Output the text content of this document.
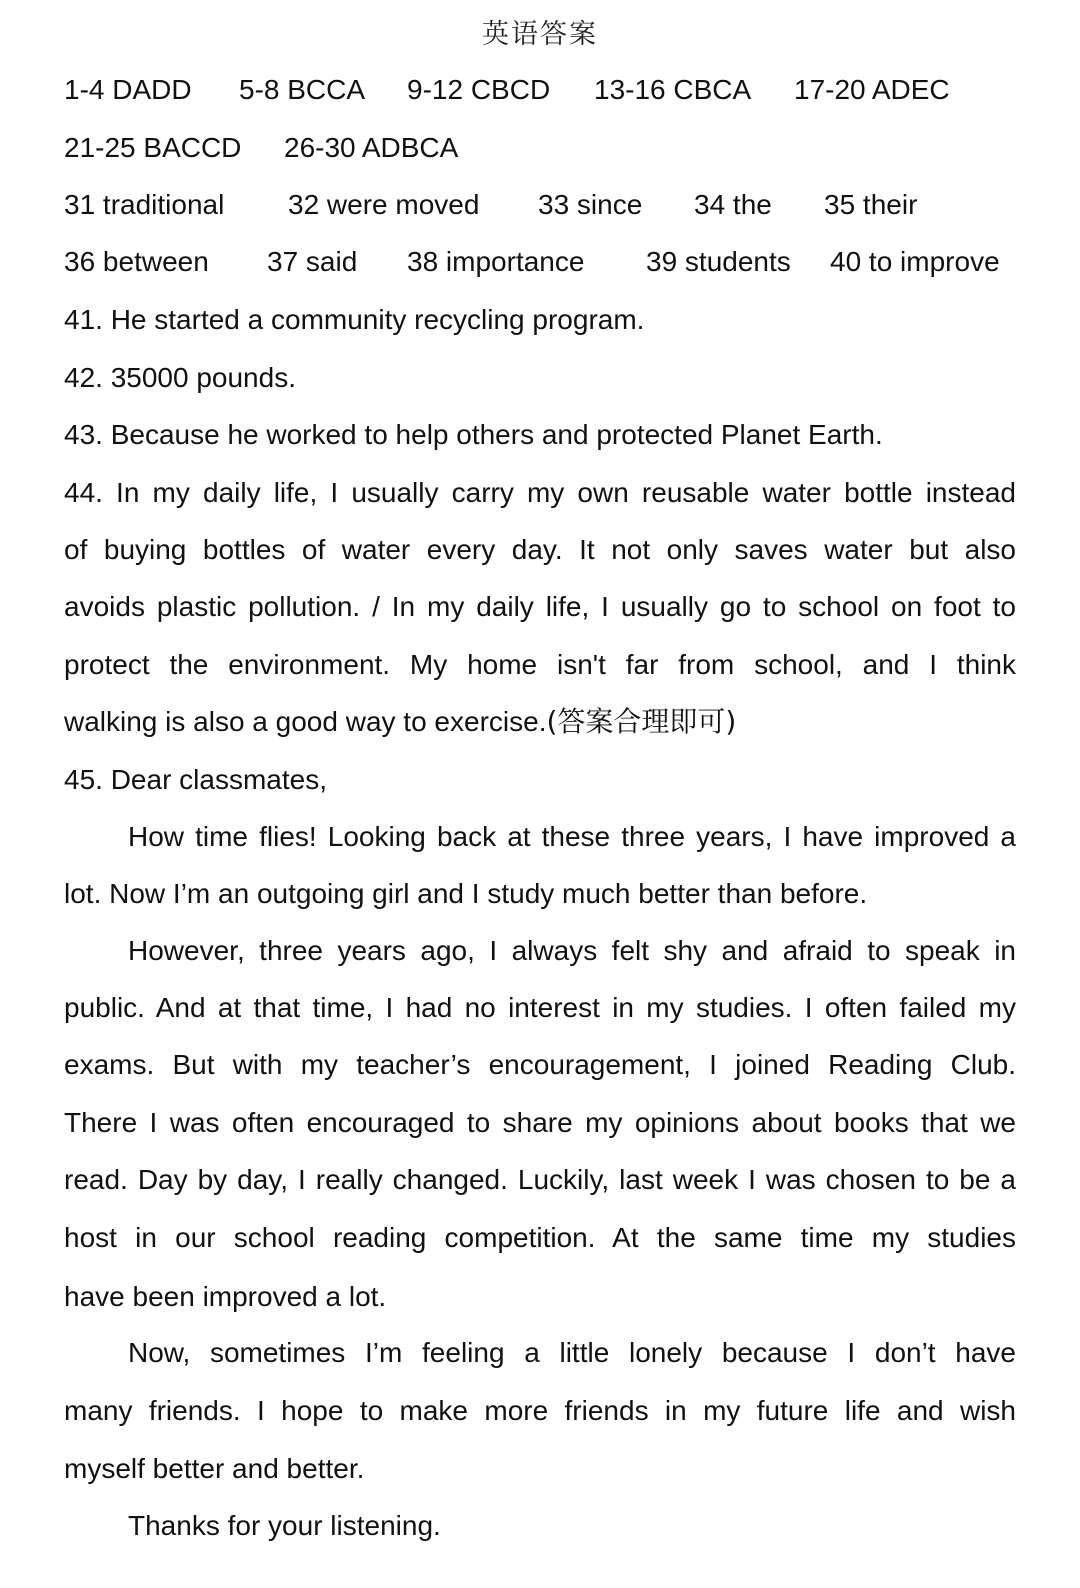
英语答案
1-4 DADD 5-8 BCCA 9-12 CBCD 13-16 CBCA 17-20 ADEC
21-25 BACCD 26-30 ADBCA
31 traditional 32 were moved 33 since 34 the 35 their
36 between 37 said 38 importance 39 students 40 to improve
41. He started a community recycling program.
42. 35000 pounds.
43. Because he worked to help others and protected Planet Earth.
44. In my daily life, I usually carry my own reusable water bottle instead
of buying bottles of water every day. It not only saves water but also
avoids plastic pollution. / In my daily life, I usually go to school on foot to
protect the environment. My home isn't far from school, and I think
walking is also a good way to exercise.(答案合理即可)
45. Dear classmates,
How time flies! Looking back at these three years, I have improved a
lot. Now I’m an outgoing girl and I study much better than before.
However, three years ago, I always felt shy and afraid to speak in
public. And at that time, I had no interest in my studies. I often failed my
exams. But with my teacher’s encouragement, I joined Reading Club.
There I was often encouraged to share my opinions about books that we
read. Day by day, I really changed. Luckily, last week I was chosen to be a
host in our school reading competition. At the same time my studies
have been improved a lot.
Now, sometimes I’m feeling a little lonely because I don’t have
many friends. I hope to make more friends in my future life and wish
myself better and better.
Thanks for your listening.
